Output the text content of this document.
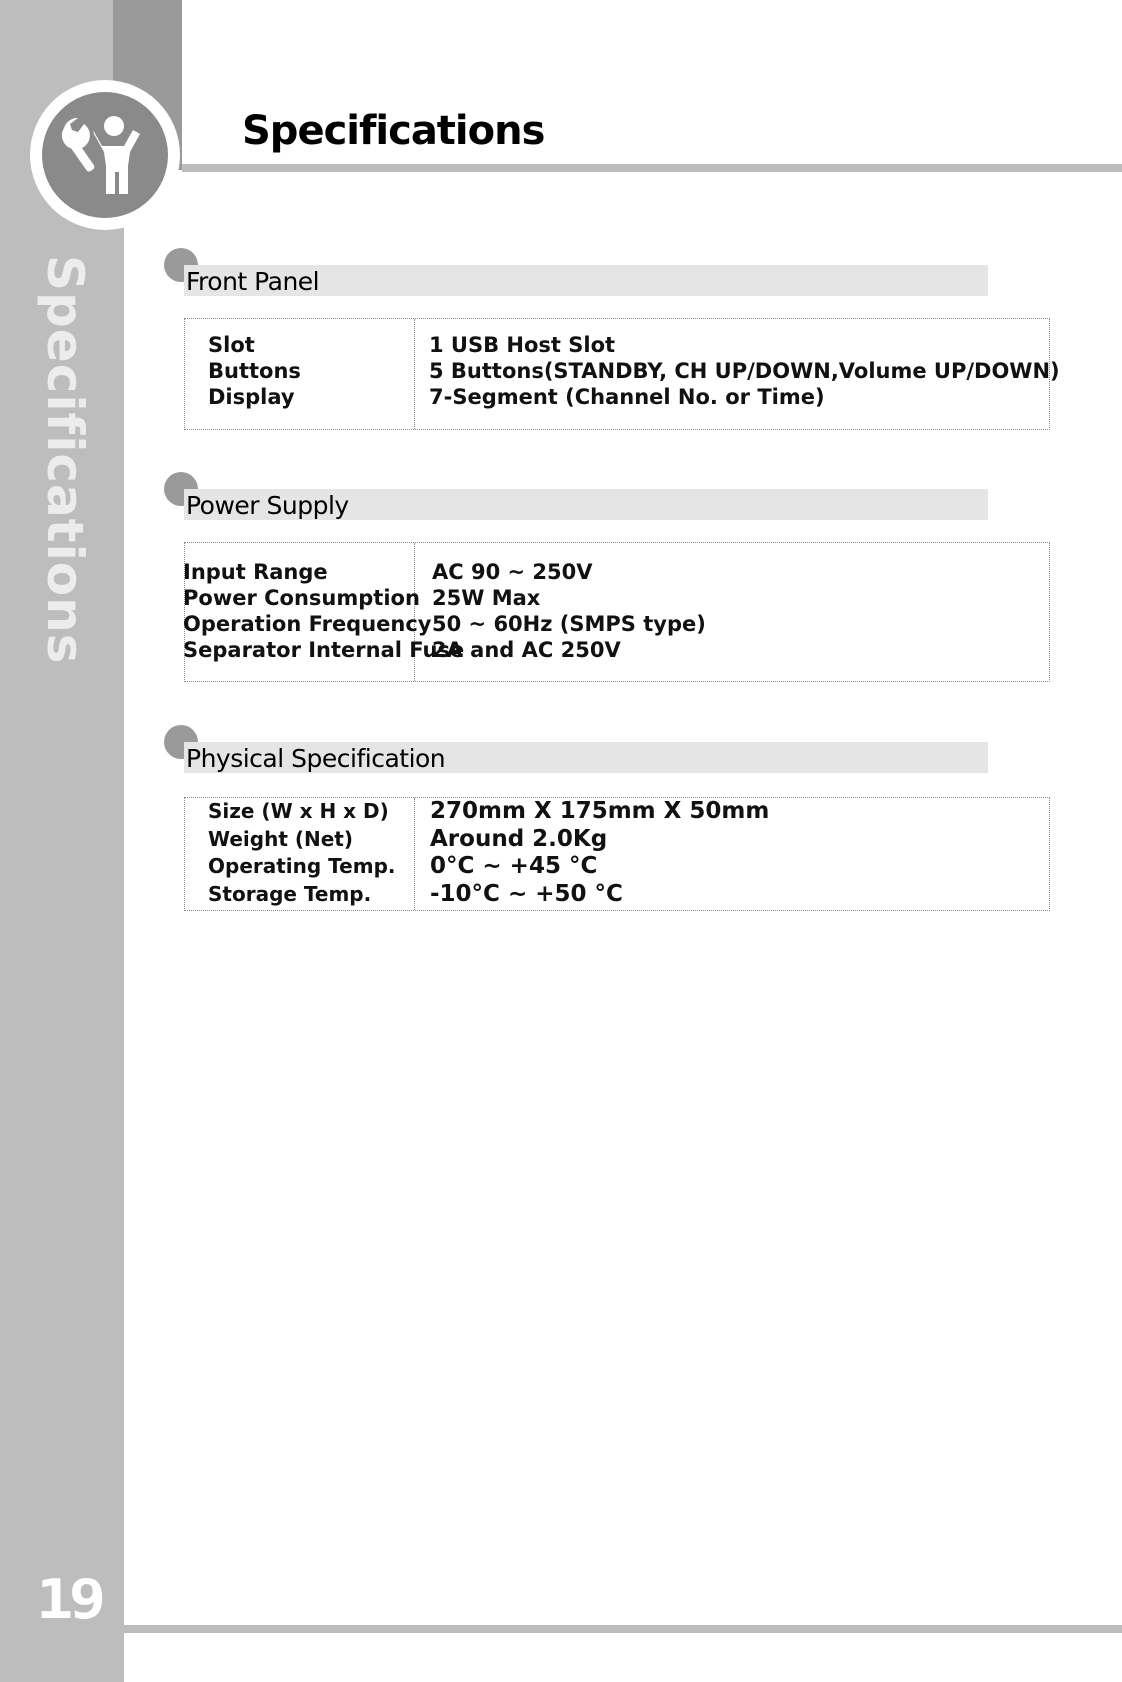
Specifications
19
Specifications
Front Panel
Slot
Buttons
Display
1 USB Host Slot
5 Buttons(STANDBY, CH UP/DOWN,Volume UP/DOWN)
7-Segment (Channel No. or Time)
Power Supply
Input Range
Power Consumption
Operation Frequency
Separator Internal Fuse
AC 90 ~ 250V
25W Max
50 ~ 60Hz (SMPS type)
2A and AC 250V
Physical Specification
Size (W x H x D)
Weight (Net)
Operating Temp.
Storage Temp.
270mm X 175mm X 50mm
Around 2.0Kg
0°C ~ +45 °C
-10°C ~ +50 °C
